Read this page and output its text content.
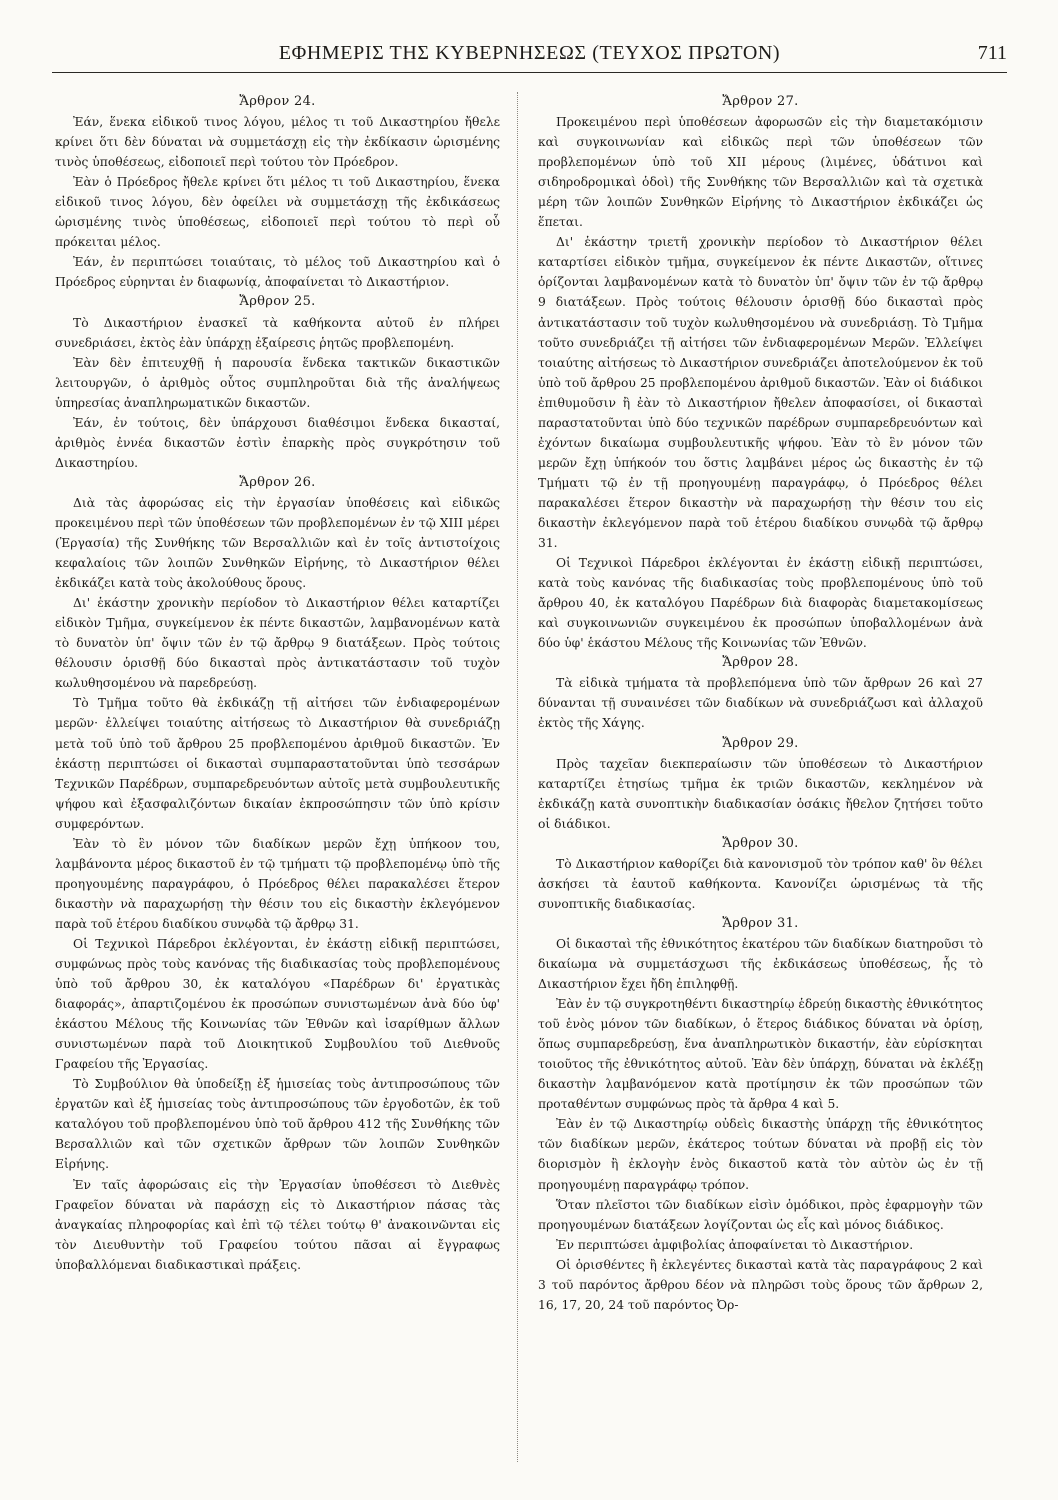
ΕΦΗΜΕΡΙΣ ΤΗΣ ΚΥΒΕΡΝΗΣΕΩΣ (ΤΕΥΧΟΣ ΠΡΩΤΟΝ)	711

Ἄρθρον 24.

Ἐάν, ἕνεκα εἰδικοῦ τινος λόγου, μέλος τι τοῦ Δικαστηρίου ἤθελε κρίνει ὅτι δὲν δύναται νὰ συμμετάσχῃ εἰς τὴν ἐκδίκασιν ὡρισμένης τινὸς ὑποθέσεως, εἰδοποιεῖ περὶ τούτου τὸν Πρόεδρον.

Ἐὰν ὁ Πρόεδρος ἤθελε κρίνει ὅτι μέλος τι τοῦ Δικαστηρίου, ἕνεκα εἰδικοῦ τινος λόγου, δὲν ὀφείλει νὰ συμμετάσχῃ τῆς ἐκδικάσεως ὡρισμένης τινὸς ὑποθέσεως, εἰδοποιεῖ περὶ τούτου τὸ περὶ οὗ πρόκειται μέλος.

Ἐάν, ἐν περιπτώσει τοιαύταις, τὸ μέλος τοῦ Δικαστηρίου καὶ ὁ Πρόεδρος εὑρηνται ἐν διαφωνίᾳ, ἀποφαίνεται τὸ Δικαστήριον.

Ἄρθρον 25.

Τὸ Δικαστήριον ἐνασκεῖ τὰ καθήκοντα αὐτοῦ ἐν πλήρει συνεδριάσει, ἐκτὸς ἐὰν ὑπάρχῃ ἐξαίρεσις ῥητῶς προβλεπομένη.

Ἐὰν δὲν ἐπιτευχθῇ ἡ παρουσία ἕνδεκα τακτικῶν δικαστικῶν λειτουργῶν, ὁ ἀριθμὸς οὗτος συμπληροῦται διὰ τῆς ἀναλήψεως ὑπηρεσίας ἀναπληρωματικῶν δικαστῶν.

Ἐάν, ἐν τούτοις, δὲν ὑπάρχουσι διαθέσιμοι ἕνδεκα δικασταί, ἀριθμὸς ἐννέα δικαστῶν ἐστὶν ἐπαρκὴς πρὸς συγκρότησιν τοῦ Δικαστηρίου.

Ἄρθρον 26.

Διὰ τὰς ἀφορώσας εἰς τὴν ἐργασίαν ὑποθέσεις καὶ εἰδικῶς προκειμένου περὶ τῶν ὑποθέσεων τῶν προβλεπομένων ἐν τῷ XIII μέρει (Ἐργασία) τῆς Συνθήκης τῶν Βερσαλλιῶν καὶ ἐν τοῖς ἀντιστοίχοις κεφαλαίοις τῶν λοιπῶν Συνθηκῶν Εἰρήνης, τὸ Δικαστήριον θέλει ἐκδικάζει κατὰ τοὺς ἀκολούθους ὅρους.

Δι' ἑκάστην χρονικὴν περίοδον τὸ Δικαστήριον θέλει καταρτίζει εἰδικὸν Τμῆμα, συγκείμενον ἐκ πέντε δικαστῶν, λαμβανομένων κατὰ τὸ δυνατὸν ὑπ' ὄψιν τῶν ἐν τῷ ἄρθρῳ 9 διατάξεων. Πρὸς τούτοις θέλουσιν ὁρισθῇ δύο δικασταὶ πρὸς ἀντικατάστασιν τοῦ τυχὸν κωλυθησομένου νὰ παρεδρεύσῃ.

Τὸ Τμῆμα τοῦτο θὰ ἐκδικάζῃ τῇ αἰτήσει τῶν ἐνδιαφερομένων μερῶν· ἐλλείψει τοιαύτης αἰτήσεως τὸ Δικαστήριον θὰ συνεδριάζῃ μετὰ τοῦ ὑπὸ τοῦ ἄρθρου 25 προβλεπομένου ἀριθμοῦ δικαστῶν. Ἐν ἑκάστῃ περιπτώσει οἱ δικασταὶ συμπαραστατοῦνται ὑπὸ τεσσάρων Τεχνικῶν Παρέδρων, συμπαρεδρευόντων αὐτοῖς μετὰ συμβουλευτικῆς ψήφου καὶ ἐξασφαλιζόντων δικαίαν ἐκπροσώπησιν τῶν ὑπὸ κρίσιν συμφερόντων.

Ἐὰν τὸ ἓν μόνον τῶν διαδίκων μερῶν ἔχῃ ὑπήκοον του, λαμβάνοντα μέρος δικαστοῦ ἐν τῷ τμήματι τῷ προβλεπομένῳ ὑπὸ τῆς προηγουμένης παραγράφου, ὁ Πρόεδρος θέλει παρακαλέσει ἕτερον δικαστὴν νὰ παραχωρήσῃ τὴν θέσιν του εἰς δικαστὴν ἐκλεγόμενον παρὰ τοῦ ἑτέρου διαδίκου συνῳδὰ τῷ ἄρθρῳ 31.

Οἱ Τεχνικοὶ Πάρεδροι ἐκλέγονται, ἐν ἑκάστῃ εἰδικῇ περιπτώσει, συμφώνως πρὸς τοὺς κανόνας τῆς διαδικασίας τοὺς προβλεπομένους ὑπὸ τοῦ ἄρθρου 30, ἐκ καταλόγου «Παρέδρων δι' ἐργατικὰς διαφοράς», ἀπαρτιζομένου ἐκ προσώπων συνιστωμένων ἀνὰ δύο ὑφ' ἑκάστου Μέλους τῆς Κοινωνίας τῶν Ἐθνῶν καὶ ἰσαρίθμων ἄλλων συνιστωμένων παρὰ τοῦ Διοικητικοῦ Συμβουλίου τοῦ Διεθνοῦς Γραφείου τῆς Ἐργασίας.

Τὸ Συμβούλιον θὰ ὑποδείξῃ ἐξ ἡμισείας τοὺς ἀντιπροσώπους τῶν ἐργατῶν καὶ ἐξ ἡμισείας τοὺς ἀντιπροσώπους τῶν ἐργοδοτῶν, ἐκ τοῦ καταλόγου τοῦ προβλεπομένου ὑπὸ τοῦ ἄρθρου 412 τῆς Συνθήκης τῶν Βερσαλλιῶν καὶ τῶν σχετικῶν ἄρθρων τῶν λοιπῶν Συνθηκῶν Εἰρήνης.

Ἐν ταῖς ἀφορώσαις εἰς τὴν Ἐργασίαν ὑποθέσεσι τὸ Διεθνὲς Γραφεῖον δύναται νὰ παράσχῃ εἰς τὸ Δικαστήριον πάσας τὰς ἀναγκαίας πληροφορίας καὶ ἐπὶ τῷ τέλει τούτῳ θ' ἀνακοινῶνται εἰς τὸν Διευθυντὴν τοῦ Γραφείου τούτου πᾶσαι αἱ ἔγγραφως ὑποβαλλόμεναι διαδικαστικαὶ πράξεις.

Ἄρθρον 27.

Προκειμένου περὶ ὑποθέσεων ἀφορωσῶν εἰς τὴν διαμετακόμισιν καὶ συγκοινωνίαν καὶ εἰδικῶς περὶ τῶν ὑποθέσεων τῶν προβλεπομένων ὑπὸ τοῦ XII μέρους (λιμένες, ὑδάτινοι καὶ σιδηροδρομικαὶ ὁδοὶ) τῆς Συνθήκης τῶν Βερσαλλιῶν καὶ τὰ σχετικὰ μέρη τῶν λοιπῶν Συνθηκῶν Εἰρήνης τὸ Δικαστήριον ἐκδικάζει ὡς ἕπεται.

Δι' ἑκάστην τριετῆ χρονικὴν περίοδον τὸ Δικαστήριον θέλει καταρτίσει εἰδικὸν τμῆμα, συγκείμενον ἐκ πέντε Δικαστῶν, οἵτινες ὁρίζονται λαμβανομένων κατὰ τὸ δυνατὸν ὑπ' ὄψιν τῶν ἐν τῷ ἄρθρῳ 9 διατάξεων. Πρὸς τούτοις θέλουσιν ὁρισθῇ δύο δικασταὶ πρὸς ἀντικατάστασιν τοῦ τυχὸν κωλυθησομένου νὰ συνεδριάσῃ. Τὸ Τμῆμα τοῦτο συνεδριάζει τῇ αἰτήσει τῶν ἐνδιαφερομένων Μερῶν. Ἐλλείψει τοιαύτης αἰτήσεως τὸ Δικαστήριον συνεδριάζει ἀποτελούμενον ἐκ τοῦ ὑπὸ τοῦ ἄρθρου 25 προβλεπομένου ἀριθμοῦ δικαστῶν. Ἐὰν οἱ διάδικοι ἐπιθυμοῦσιν ἢ ἐὰν τὸ Δικαστήριον ἤθελεν ἀποφασίσει, οἱ δικασταὶ παραστατοῦνται ὑπὸ δύο τεχνικῶν παρέδρων συμπαρεδρευόντων καὶ ἐχόντων δικαίωμα συμβουλευτικῆς ψήφου. Ἐὰν τὸ ἓν μόνον τῶν μερῶν ἔχῃ ὑπήκοόν του ὅστις λαμβάνει μέρος ὡς δικαστὴς ἐν τῷ Τμήματι τῷ ἐν τῇ προηγουμένῃ παραγράφῳ, ὁ Πρόεδρος θέλει παρακαλέσει ἕτερον δικαστὴν νὰ παραχωρήσῃ τὴν θέσιν του εἰς δικαστὴν ἐκλεγόμενον παρὰ τοῦ ἑτέρου διαδίκου συνῳδὰ τῷ ἄρθρῳ 31.

Οἱ Τεχνικοὶ Πάρεδροι ἐκλέγονται ἐν ἑκάστῃ εἰδικῇ περιπτώσει, κατὰ τοὺς κανόνας τῆς διαδικασίας τοὺς προβλεπομένους ὑπὸ τοῦ ἄρθρου 40, ἐκ καταλόγου Παρέδρων διὰ διαφορὰς διαμετακομίσεως καὶ συγκοινωνιῶν συγκειμένου ἐκ προσώπων ὑποβαλλομένων ἀνὰ δύο ὑφ' ἑκάστου Μέλους τῆς Κοινωνίας τῶν Ἐθνῶν.

Ἄρθρον 28.

Τὰ εἰδικὰ τμήματα τὰ προβλεπόμενα ὑπὸ τῶν ἄρθρων 26 καὶ 27 δύνανται τῇ συναινέσει τῶν διαδίκων νὰ συνεδριάζωσι καὶ ἀλλαχοῦ ἐκτὸς τῆς Χάγης.

Ἄρθρον 29.

Πρὸς ταχεῖαν διεκπεραίωσιν τῶν ὑποθέσεων τὸ Δικαστήριον καταρτίζει ἐτησίως τμῆμα ἐκ τριῶν δικαστῶν, κεκλημένον νὰ ἐκδικάζῃ κατὰ συνοπτικὴν διαδικασίαν ὁσάκις ἤθελον ζητήσει τοῦτο οἱ διάδικοι.

Ἄρθρον 30.

Τὸ Δικαστήριον καθορίζει διὰ κανονισμοῦ τὸν τρόπον καθ' ὃν θέλει ἀσκήσει τὰ ἑαυτοῦ καθήκοντα. Κανονίζει ὡρισμένως τὰ τῆς συνοπτικῆς διαδικασίας.

Ἄρθρον 31.

Οἱ δικασταὶ τῆς ἐθνικότητος ἑκατέρου τῶν διαδίκων διατηροῦσι τὸ δικαίωμα νὰ συμμετάσχωσι τῆς ἐκδικάσεως ὑποθέσεως, ἧς τὸ Δικαστήριον ἔχει ἤδη ἐπιληφθῇ.

Ἐὰν ἐν τῷ συγκροτηθέντι δικαστηρίῳ ἑδρεύῃ δικαστὴς ἐθνικότητος τοῦ ἑνὸς μόνον τῶν διαδίκων, ὁ ἕτερος διάδικος δύναται νὰ ὁρίσῃ, ὅπως συμπαρεδρεύσῃ, ἕνα ἀναπληρωτικὸν δικαστήν, ἐὰν εὑρίσκηται τοιοῦτος τῆς ἐθνικότητος αὐτοῦ. Ἐὰν δὲν ὑπάρχῃ, δύναται νὰ ἐκλέξῃ δικαστὴν λαμβανόμενον κατὰ προτίμησιν ἐκ τῶν προσώπων τῶν προταθέντων συμφώνως πρὸς τὰ ἄρθρα 4 καὶ 5.

Ἐὰν ἐν τῷ Δικαστηρίῳ οὐδεὶς δικαστὴς ὑπάρχῃ τῆς ἐθνικότητος τῶν διαδίκων μερῶν, ἑκάτερος τούτων δύναται νὰ προβῇ εἰς τὸν διορισμὸν ἢ ἐκλογὴν ἑνὸς δικαστοῦ κατὰ τὸν αὐτὸν ὡς ἐν τῇ προηγουμένῃ παραγράφῳ τρόπον.

Ὅταν πλεῖστοι τῶν διαδίκων εἰσὶν ὁμόδικοι, πρὸς ἐφαρμογὴν τῶν προηγουμένων διατάξεων λογίζονται ὡς εἷς καὶ μόνος διάδικος.

Ἐν περιπτώσει ἀμφιβολίας ἀποφαίνεται τὸ Δικαστήριον.

Οἱ ὁρισθέντες ἢ ἐκλεγέντες δικασταὶ κατὰ τὰς παραγράφους 2 καὶ 3 τοῦ παρόντος ἄρθρου δέον νὰ πληρῶσι τοὺς ὅρους τῶν ἄρθρων 2, 16, 17, 20, 24 τοῦ παρόντος Ὀρ-
